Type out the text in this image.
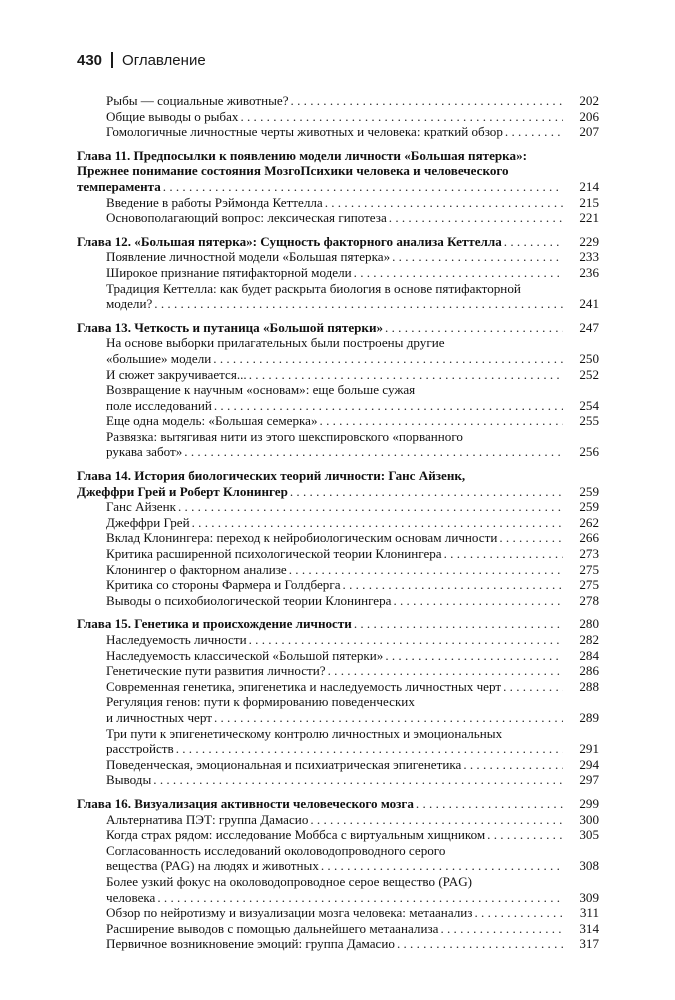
430 Оглавление
Рыбы — социальные животные? . . .	202
Общие выводы о рыбах . . .	206
Гомологичные личностные черты животных и человека: краткий обзор . . .	207
Глава 11. Предпосылки к появлению модели личности «Большая пятерка»:
Прежнее понимание состояния МозгоПсихики человека и человеческого
темперамента . . .	214
Введение в работы Рэймонда Кеттелла . . .	215
Основополагающий вопрос: лексическая гипотеза . . .	221
Глава 12. «Большая пятерка»: Сущность факторного анализа Кеттелла . . .	229
Появление личностной модели «Большая пятерка» . . .	233
Широкое признание пятифакторной модели . . .	236
Традиция Кеттелла: как будет раскрыта биология в основе пятифакторной
модели? . . .	241
Глава 13. Четкость и путаница «Большой пятерки» . . .	247
На основе выборки прилагательных были построены другие
«большие» модели . . .	250
И сюжет закручивается... . . .	252
Возвращение к научным «основам»: еще больше сужая
поле исследований . . .	254
Еще одна модель: «Большая семерка» . . .	255
Развязка: вытягивая нити из этого шекспировского «порванного
рукава забот» . . .	256
Глава 14. История биологических теорий личности: Ганс Айзенк,
Джеффри Грей и Роберт Клонингер . . .	259
Ганс Айзенк . . .	259
Джеффри Грей . . .	262
Вклад Клонингера: переход к нейробиологическим основам личности . . .	266
Критика расширенной психологической теории Клонингера . . .	273
Клонингер о факторном анализе . . .	275
Критика со стороны Фармера и Голдберга . . .	275
Выводы о психобиологической теории Клонингера . . .	278
Глава 15. Генетика и происхождение личности . . .	280
Наследуемость личности . . .	282
Наследуемость классической «Большой пятерки» . . .	284
Генетические пути развития личности? . . .	286
Современная генетика, эпигенетика и наследуемость личностных черт . . .	288
Регуляция генов: пути к формированию поведенческих
и личностных черт . . .	289
Три пути к эпигенетическому контролю личностных и эмоциональных
расстройств . . .	291
Поведенческая, эмоциональная и психиатрическая эпигенетика . . .	294
Выводы . . .	297
Глава 16. Визуализация активности человеческого мозга . . .	299
Альтернатива ПЭТ: группа Дамасио . . .	300
Когда страх рядом: исследование Моббса с виртуальным хищником . . .	305
Согласованность исследований околоводопроводного серого
вещества (PAG) на людях и животных . . .	308
Более узкий фокус на околоводопроводное серое вещество (PAG)
человека . . .	309
Обзор по нейротизму и визуализации мозга человека: метаанализ . . .	311
Расширение выводов с помощью дальнейшего метаанализа . . .	314
Первичное возникновение эмоций: группа Дамасио . . .	317
